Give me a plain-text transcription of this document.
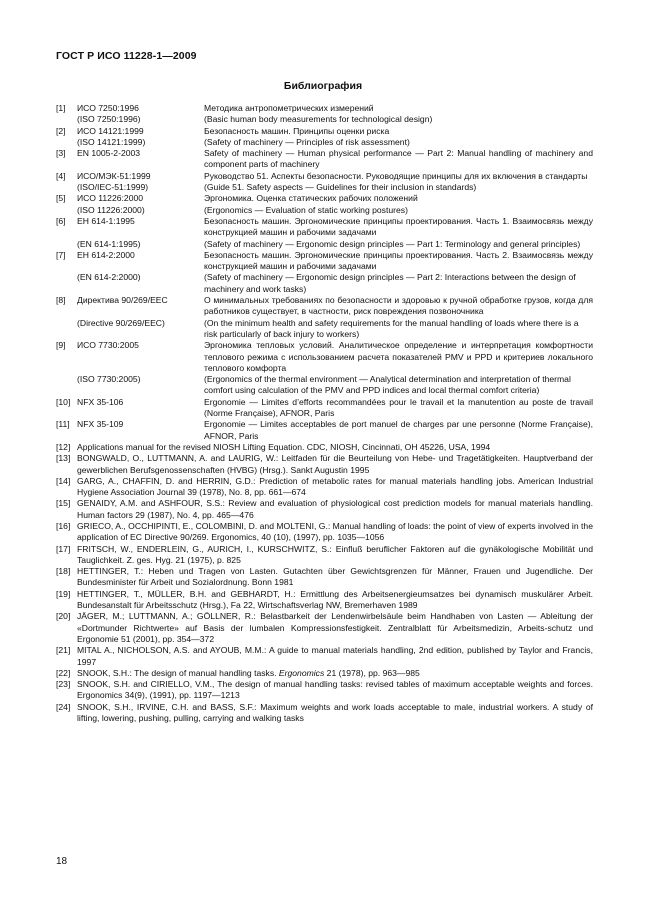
ГОСТ Р ИСО 11228-1—2009
Библиография
[1]	ИСО 7250:1996	Методика антропометрических измерений
(ISO 7250:1996)	(Basic human body measurements for technological design)
[2]	ИСО 14121:1999	Безопасность машин. Принципы оценки риска
(ISO 14121:1999)	(Safety of machinery — Principles of risk assessment)
[3]	EN 1005-2-2003	Safety of machinery — Human physical performance — Part 2: Manual handling of machinery and component parts of machinery
[4]	ИСО/МЭК-51:1999	Руководство 51. Аспекты безопасности. Руководящие принципы для их включения в стандарты
(ISO/IEC-51:1999)	(Guide 51. Safety aspects — Guidelines for their inclusion in standards)
[5]	ИСО 11226:2000	Эргономика. Оценка статических рабочих положений
(ISO 11226:2000)	(Ergonomics — Evaluation of static working postures)
[6]	ЕН 614-1:1995	Безопасность машин. Эргономические принципы проектирования. Часть 1. Взаимосвязь между конструкцией машин и рабочими задачами
(EN 614-1:1995)	(Safety of machinery — Ergonomic design principles — Part 1: Terminology and general principles)
[7]	ЕН 614-2:2000	Безопасность машин. Эргономические принципы проектирования. Часть 2. Взаимосвязь между конструкцией машин и рабочими задачами
(EN 614-2:2000)	(Safety of machinery — Ergonomic design principles — Part 2: Interactions between the design of machinery and work tasks)
[8]	Директива 90/269/ЕЕС	О минимальных требованиях по безопасности и здоровью к ручной обработке грузов, когда для работников существует, в частности, риск повреждения позвоночника
(Directive 90/269/EEC)	(On the minimum health and safety requirements for the manual handling of loads where there is a risk particularly of back injury to workers)
[9]	ИСО 7730:2005	Эргономика тепловых условий. Аналитическое определение и интерпретация комфортности теплового режима с использованием расчета показателей PMV и PPD и критериев локального теплового комфорта
(ISO 7730:2005)	(Ergonomics of the thermal environment — Analytical determination and interpretation of thermal comfort using calculation of the PMV and PPD indices and local thermal comfort criteria)
[10] NFX 35-106	Ergonomie — Limites d’efforts recommandées pour le travail et la manutention au poste de travail (Norme Française), AFNOR, Paris
[11] NFX 35-109	Ergonomie — Limites acceptables de port manuel de charges par une personne (Norme Française), AFNOR, Paris
[12] Applications manual for the revised NIOSH Lifting Equation. CDC, NIOSH, Cincinnati, OH 45226, USA, 1994
[13] BONGWALD, O., LUTTMANN, A. and LAURIG, W.: Leitfaden für die Beurteilung von Hebe- und Tragetätigkeiten. Hauptverband der gewerblichen Berufsgenossenschaften (HVBG) (Hrsg.). Sankt Augustin 1995
[14] GARG, A., CHAFFIN, D. and HERRIN, G.D.: Prediction of metabolic rates for manual materials handling jobs. American Industrial Hygiene Association Journal 39 (1978), No. 8, pp. 661—674
[15] GENAIDY, A.M. and ASHFOUR, S.S.: Review and evaluation of physiological cost prediction models for manual materials handling. Human factors 29 (1987), No. 4, pp. 465—476
[16] GRIECO, A., OCCHIPINTI, E., COLOMBINI, D. and MOLTENI, G.: Manual handling of loads: the point of view of experts involved in the application of EC Directive 90/269. Ergonomics, 40 (10), (1997), pp. 1035—1056
[17] FRITSCH, W., ENDERLEIN, G., AURICH, I., KURSCHWITZ, S.: Einfluß beruflicher Faktoren auf die gynäkologische Mobilität und Tauglichkeit. Z. ges. Hyg. 21 (1975), p. 825
[18] HETTINGER, T.: Heben und Tragen von Lasten. Gutachten über Gewichtsgrenzen für Männer, Frauen und Jugendliche. Der Bundesminister für Arbeit und Sozialordnung. Bonn 1981
[19] HETTINGER, T., MÜLLER, B.H. and GEBHARDT, H.: Ermittlung des Arbeitsenergieumsatzes bei dynamisch muskulärer Arbeit. Bundesanstalt für Arbeitsschutz (Hrsg.), Fa 22, Wirtschaftsverlag NW, Bremerhaven 1989
[20] JÄGER, M.; LUTTMANN, A.; GÖLLNER, R.: Belastbarkeit der Lendenwirbelsäule beim Handhaben von Lasten — Ableitung der «Dortmunder Richtwerte» auf Basis der lumbalen Kompressionsfestigkeit. Zentralblatt für Arbeitsmedizin, Arbeits-schutz und Ergonomie 51 (2001), pp. 354—372
[21] MITAL A., NICHOLSON, A.S. and AYOUB, M.M.: A guide to manual materials handling, 2nd edition, published by Taylor and Francis, 1997
[22] SNOOK, S.H.: The design of manual handling tasks. Ergonomics 21 (1978), pp. 963—985
[23] SNOOK, S.H. and CIRIELLO, V.M., The design of manual handling tasks: revised tables of maximum acceptable weights and forces. Ergonomics 34(9), (1991), pp. 1197—1213
[24] SNOOK, S.H., IRVINE, C.H. and BASS, S.F.: Maximum weights and work loads acceptable to male, industrial workers. A study of lifting, lowering, pushing, pulling, carrying and walking tasks
18
